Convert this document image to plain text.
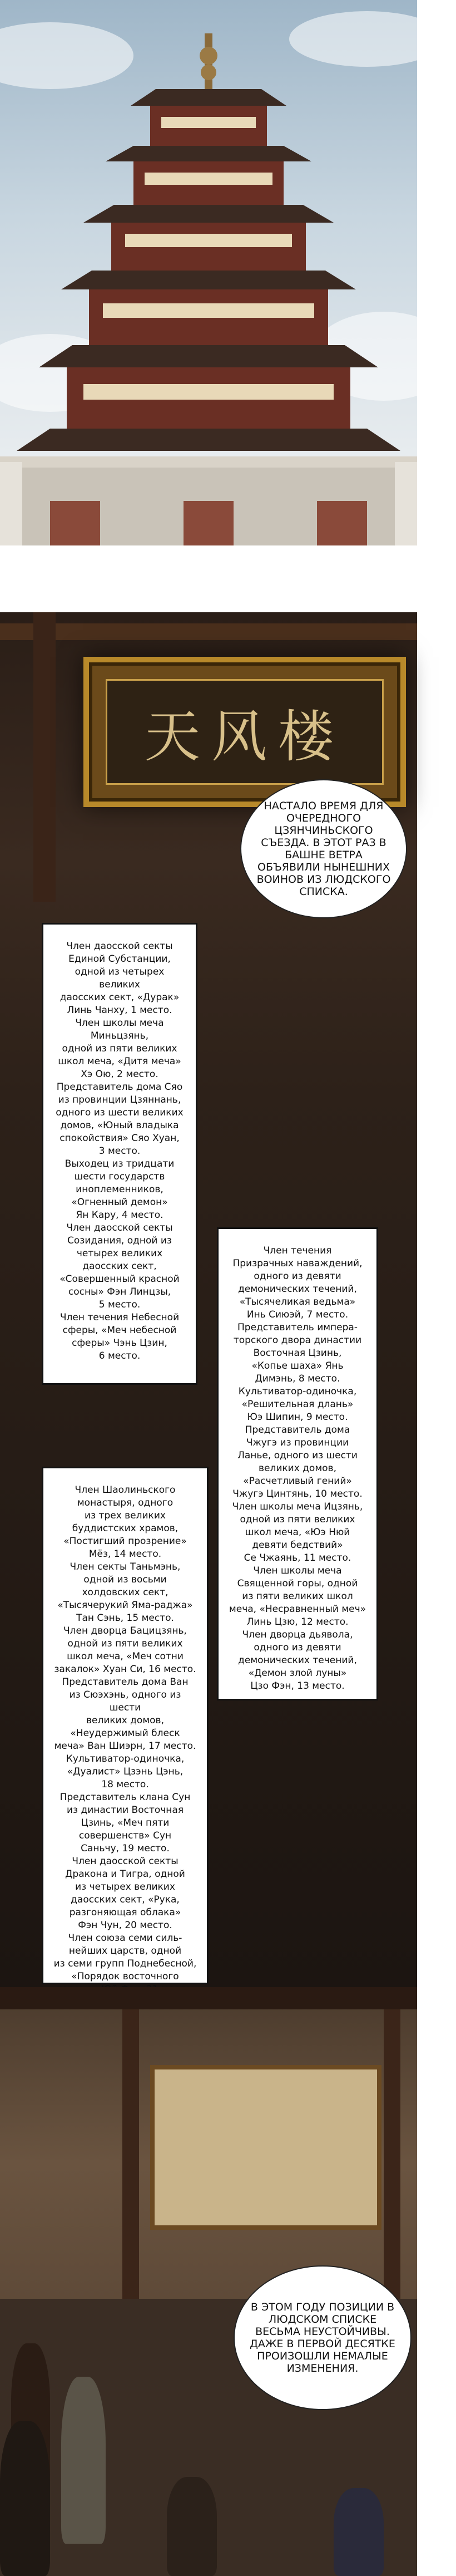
天风楼
НАСТАЛО ВРЕМЯ ДЛЯ ОЧЕРЕДНОГО ЦЗЯНЧИНЬСКОГО СЪЕЗДА. В ЭТОТ РАЗ В БАШНЕ ВЕТРА ОБЪЯВИЛИ НЫНЕШНИХ ВОИНОВ ИЗ ЛЮДСКОГО СПИСКА.
Член даосской секты
Единой Субстанции,
одной из четырех великих
даосских сект, «Дурак»
Линь Чанху, 1 место.
Член школы меча Миньцзянь,
одной из пяти великих
школ меча, «Дитя меча»
Хэ Ою, 2 место.
Представитель дома Сяо
из провинции Цзяннань,
одного из шести великих
домов, «Юный владыка
спокойствия» Сяо Хуан,
3 место.
Выходец из тридцати
шести государств
иноплеменников,
«Огненный демон»
Ян Кару, 4 место.
Член даосской секты
Созидания, одной из
четырех великих
даосских сект,
«Совершенный красной
сосны» Фэн Линцзы,
5 место.
Член течения Небесной
сферы, «Меч небесной
сферы» Чэнь Цзин,
6 место.
Член течения
Призрачных наваждений,
одного из девяти
демонических течений,
«Тысячеликая ведьма»
Инь Сиюэй, 7 место.
Представитель импера-
торского двора династии
Восточная Цзинь,
«Копье шаха» Янь
Димэнь, 8 место.
Культиватор-одиночка,
«Решительная длань»
Юэ Шипин, 9 место.
Представитель дома
Чжугэ из провинции
Ланье, одного из шести
великих домов,
«Расчетливый гений»
Чжугэ Цинтянь, 10 место.
Член школы меча Ицзянь,
одной из пяти великих
школ меча, «Юэ Нюй
девяти бедствий»
Се Чжаянь, 11 место.
Член школы меча
Священной горы, одной
из пяти великих школ
меча, «Несравненный меч»
Линь Цзю, 12 место.
Член дворца дьявола,
одного из девяти
демонических течений,
«Демон злой луны»
Цзо Фэн, 13 место.
Член Шаолиньского
монастыря, одного
из трех великих
буддистских храмов,
«Постигший прозрение»
Мёз, 14 место.
Член секты Таньмэнь,
одной из восьми
холдовских сект,
«Тысячерукий Яма-раджа»
Тан Сэнь, 15 место.
Член дворца Бацицзянь,
одной из пяти великих
школ меча, «Меч сотни
закалок» Хуан Си, 16 место.
Представитель дома Ван
из Сюэхэнь, одного из шести
великих домов,
«Неудержимый блеск
меча» Ван Шиэрн, 17 место.
Культиватор-одиночка,
«Дуалист» Цзэнь Цэнь,
18 место.
Представитель клана Сун
из династии Восточная
Цзинь, «Меч пяти
совершенств» Сун
Саньчу, 19 место.
Член даосской секты
Дракона и Тигра, одной
из четырех великих
даосских сект, «Рука,
разгоняющая облака»
Фэн Чун, 20 место.
Член союза семи силь-
нейших царств, одной
из семи групп Поднебесной,
«Порядок восточного
В ЭТОМ ГОДУ ПОЗИЦИИ В ЛЮДСКОМ СПИСКЕ ВЕСЬМА НЕУСТОЙЧИВЫ. ДАЖЕ В ПЕРВОЙ ДЕСЯТКЕ ПРОИЗОШЛИ НЕМАЛЫЕ ИЗМЕНЕНИЯ.
